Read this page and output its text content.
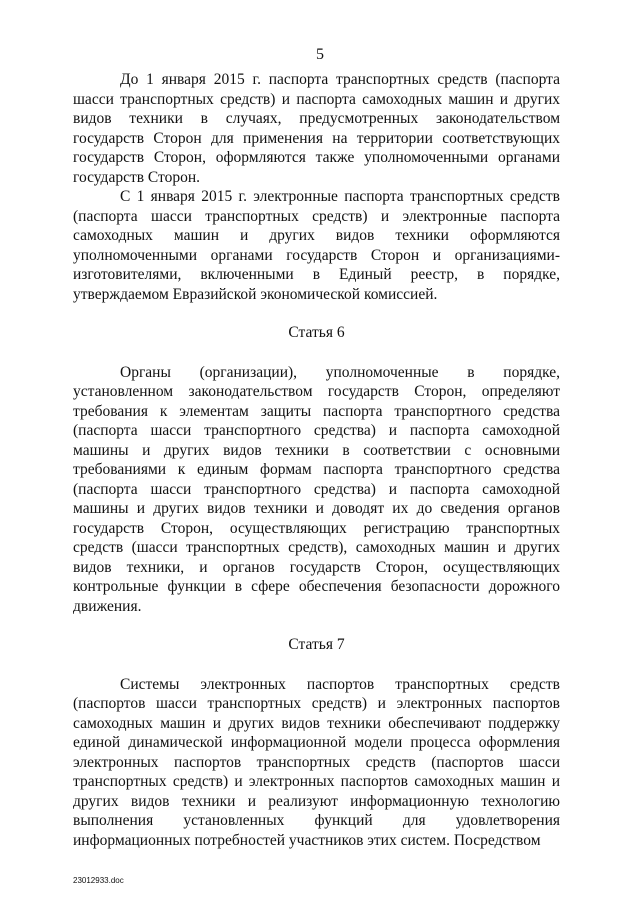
5

До 1 января 2015 г. паспорта транспортных средств (паспорта шасси транспортных средств) и паспорта самоходных машин и других видов техники в случаях, предусмотренных законодательством государств Сторон для применения на территории соответствующих государств Сторон, оформляются также уполномоченными органами государств Сторон.

С 1 января 2015 г. электронные паспорта транспортных средств (паспорта шасси транспортных средств) и электронные паспорта самоходных машин и других видов техники оформляются уполномоченными органами государств Сторон и организациями-изготовителями, включенными в Единый реестр, в порядке, утверждаемом Евразийской экономической комиссией.

Статья 6

Органы (организации), уполномоченные в порядке, установленном законодательством государств Сторон, определяют требования к элементам защиты паспорта транспортного средства (паспорта шасси транспортного средства) и паспорта самоходной машины и других видов техники в соответствии с основными требованиями к единым формам паспорта транспортного средства (паспорта шасси транспортного средства) и паспорта самоходной машины и других видов техники и доводят их до сведения органов государств Сторон, осуществляющих регистрацию транспортных средств (шасси транспортных средств), самоходных машин и других видов техники, и органов государств Сторон, осуществляющих контрольные функции в сфере обеспечения безопасности дорожного движения.

Статья 7

Системы электронных паспортов транспортных средств (паспортов шасси транспортных средств) и электронных паспортов самоходных машин и других видов техники обеспечивают поддержку единой динамической информационной модели процесса оформления электронных паспортов транспортных средств (паспортов шасси транспортных средств) и электронных паспортов самоходных машин и других видов техники и реализуют информационную технологию выполнения установленных функций для удовлетворения информационных потребностей участников этих систем. Посредством

23012933.doc
